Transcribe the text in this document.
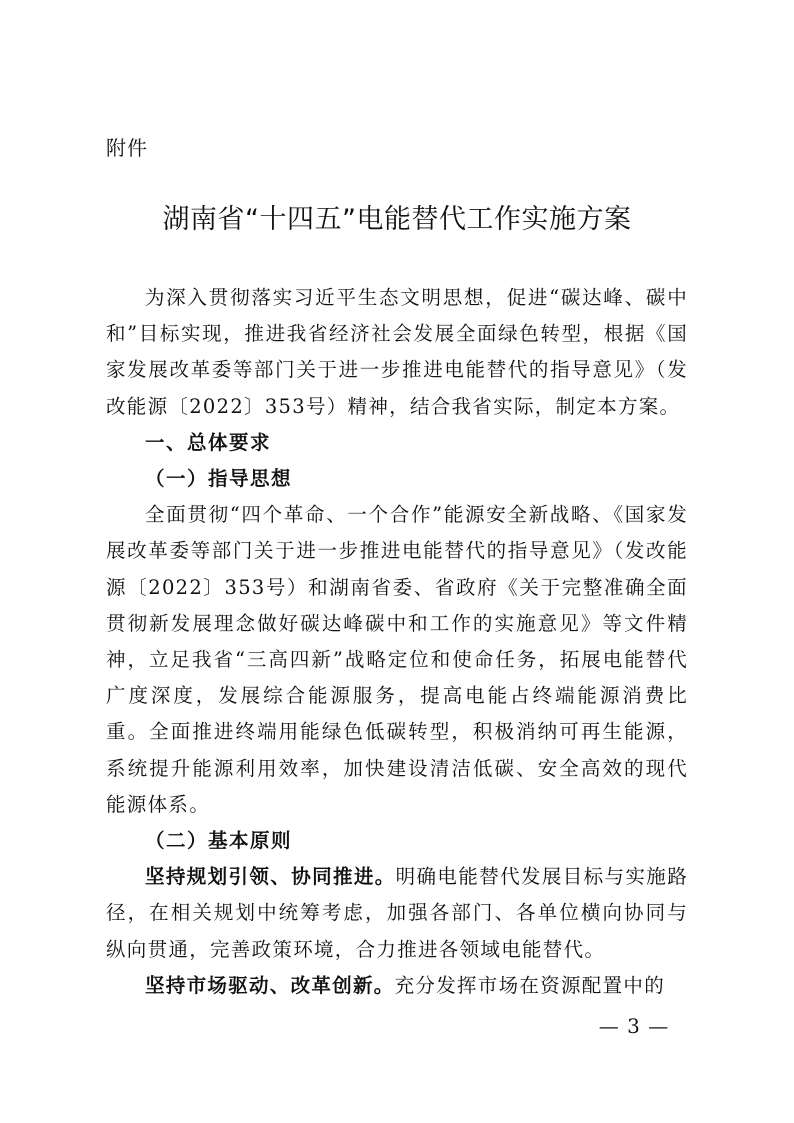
附件
湖南省“十四五”电能替代工作实施方案

为深入贯彻落实习近平生态文明思想，促进“碳达峰、碳中和”目标实现，推进我省经济社会发展全面绿色转型，根据《国家发展改革委等部门关于进一步推进电能替代的指导意见》（发改能源〔2022〕353号）精神，结合我省实际，制定本方案。

一、总体要求

（一）指导思想

全面贯彻“四个革命、一个合作”能源安全新战略、《国家发展改革委等部门关于进一步推进电能替代的指导意见》（发改能源〔2022〕353号）和湖南省委、省政府《关于完整准确全面贯彻新发展理念做好碳达峰碳中和工作的实施意见》等文件精神，立足我省“三高四新”战略定位和使命任务，拓展电能替代广度深度，发展综合能源服务，提高电能占终端能源消费比重。全面推进终端用能绿色低碳转型，积极消纳可再生能源，系统提升能源利用效率，加快建设清洁低碳、安全高效的现代能源体系。

（二）基本原则

坚持规划引领、协同推进。明确电能替代发展目标与实施路径，在相关规划中统筹考虑，加强各部门、各单位横向协同与纵向贯通，完善政策环境，合力推进各领域电能替代。

坚持市场驱动、改革创新。充分发挥市场在资源配置中的

— 3 —
